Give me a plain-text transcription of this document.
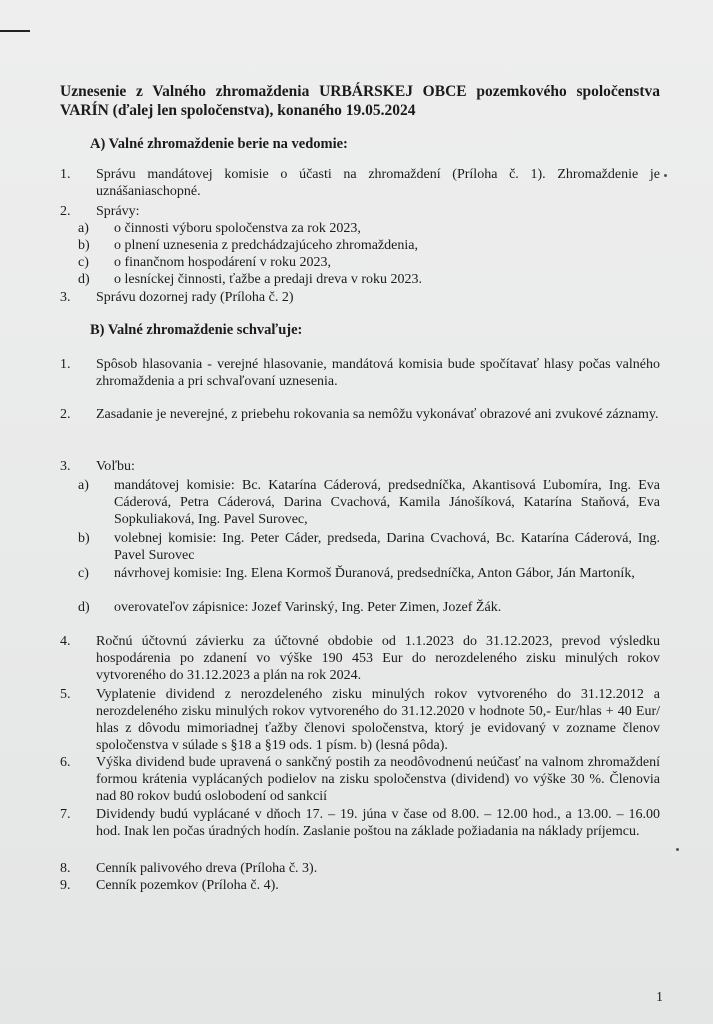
Uznesenie z Valného zhromaždenia URBÁRSKEJ OBCE pozemkového spoločenstva VARÍN (ďalej len spoločenstva), konaného 19.05.2024
A) Valné zhromaždenie berie na vedomie:
1.	Správu mandátovej komisie o účasti na zhromaždení (Príloha č. 1). Zhromaždenie je uznášaniaschopné.
2.	Správy:
a)	o činnosti výboru spoločenstva za rok 2023,
b)	o plnení uznesenia z predchádzajúceho zhromaždenia,
c)	o finančnom hospodárení v roku 2023,
d)	o lesníckej činnosti, ťažbe a predaji dreva v roku 2023.
3.	Správu dozornej rady (Príloha č. 2)
B) Valné zhromaždenie schvaľuje:
1.	Spôsob hlasovania - verejné hlasovanie, mandátová komisia bude spočítavať hlasy počas valného zhromaždenia a pri schvaľovaní uznesenia.
2.	Zasadanie je neverejné, z priebehu rokovania sa nemôžu vykonávať obrazové ani zvukové záznamy.
3.	Voľbu:
a)	mandátovej komisie: Bc. Katarína Cáderová, predsedníčka, Akantisová Ľubomíra, Ing. Eva Cáderová, Petra Cáderová, Darina Cvachová, Kamila Jánošíková, Katarína Staňová, Eva Sopkuliaková, Ing. Pavel Surovec,
b)	volebnej komisie: Ing. Peter Cáder, predseda, Darina Cvachová, Bc. Katarína Cáderová, Ing. Pavel Surovec
c)	návrhovej komisie: Ing. Elena Kormoš Ďuranová, predsedníčka, Anton Gábor, Ján Martoník,
d)	overovateľov zápisnice: Jozef Varinský, Ing. Peter Zimen, Jozef Žák.
4.	Ročnú účtovnú závierku za účtovné obdobie od 1.1.2023 do 31.12.2023, prevod výsledku hospodárenia po zdanení vo výške 190 453 Eur do nerozdeleného zisku minulých rokov vytvoreného do 31.12.2023 a plán na rok 2024.
5.	Vyplatenie dividend z nerozdeleného zisku minulých rokov vytvoreného do 31.12.2012 a nerozdeleného zisku minulých rokov vytvoreného do 31.12.2020 v hodnote 50,- Eur/hlas + 40 Eur/ hlas z dôvodu mimoriadnej ťažby členovi spoločenstva, ktorý je evidovaný v zozname členov spoločenstva v súlade s §18 a §19 ods. 1 písm. b) (lesná pôda).
6.	Výška dividend bude upravená o sankčný postih za neodôvodnenú neúčasť na valnom zhromaždení formou krátenia vyplácaných podielov na zisku spoločenstva (dividend) vo výške 30 %. Členovia nad 80 rokov budú oslobodení od sankcií
7.	Dividendy budú vyplácané v dňoch 17. – 19. júna v čase od 8.00. – 12.00 hod., a 13.00. – 16.00 hod. Inak len počas úradných hodín. Zaslanie poštou na základe požiadania na náklady príjemcu.
8.	Cenník palivového dreva (Príloha č. 3).
9.	Cenník pozemkov (Príloha č. 4).
1
